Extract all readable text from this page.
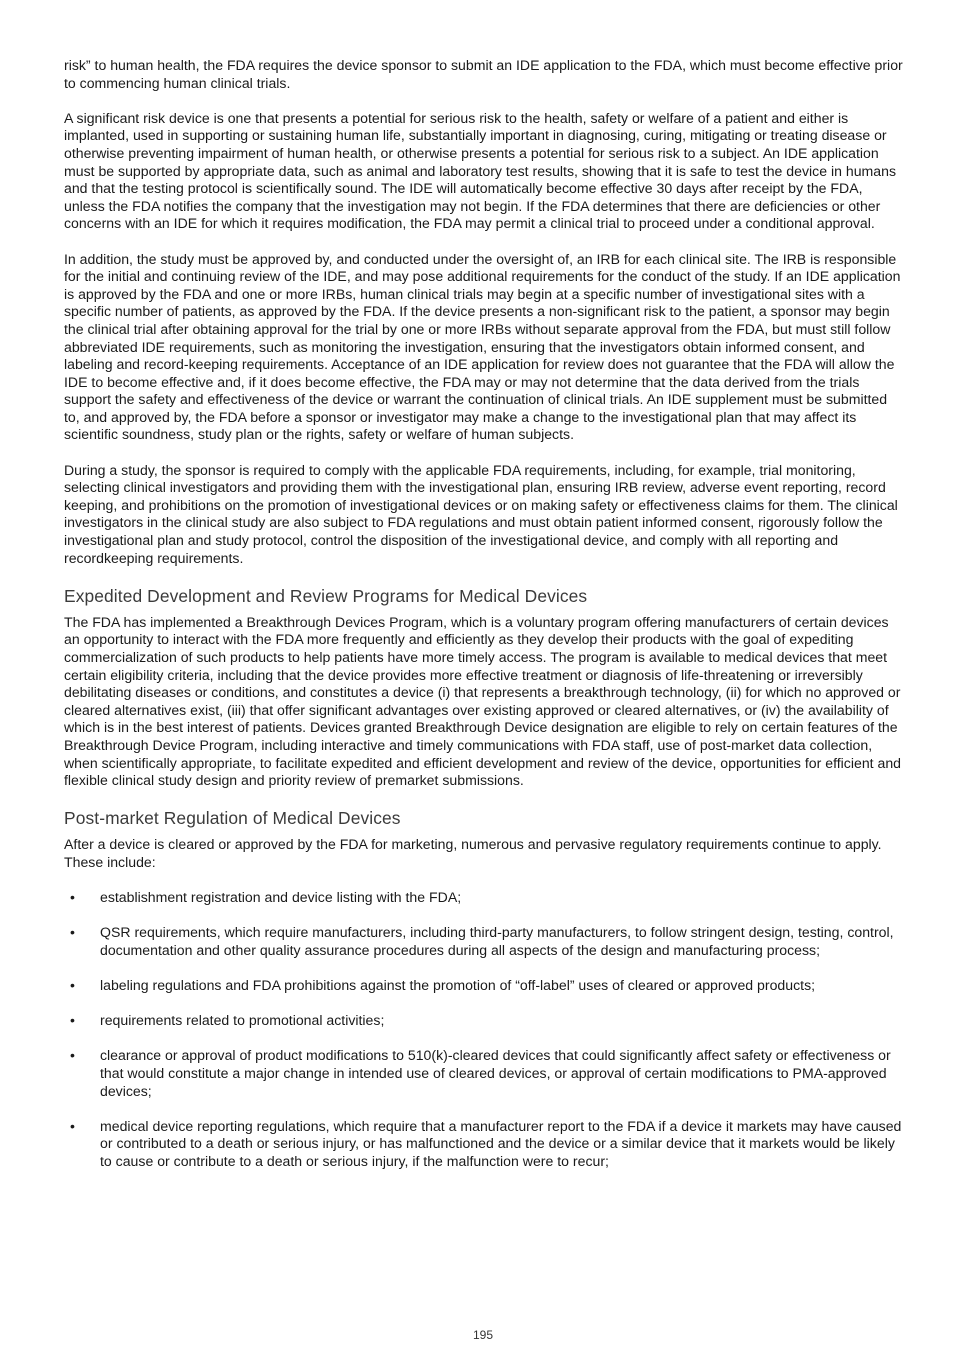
risk” to human health, the FDA requires the device sponsor to submit an IDE application to the FDA, which must become effective prior to commencing human clinical trials.

A significant risk device is one that presents a potential for serious risk to the health, safety or welfare of a patient and either is implanted, used in supporting or sustaining human life, substantially important in diagnosing, curing, mitigating or treating disease or otherwise preventing impairment of human health, or otherwise presents a potential for serious risk to a subject. An IDE application must be supported by appropriate data, such as animal and laboratory test results, showing that it is safe to test the device in humans and that the testing protocol is scientifically sound. The IDE will automatically become effective 30 days after receipt by the FDA, unless the FDA notifies the company that the investigation may not begin. If the FDA determines that there are deficiencies or other concerns with an IDE for which it requires modification, the FDA may permit a clinical trial to proceed under a conditional approval.

In addition, the study must be approved by, and conducted under the oversight of, an IRB for each clinical site. The IRB is responsible for the initial and continuing review of the IDE, and may pose additional requirements for the conduct of the study. If an IDE application is approved by the FDA and one or more IRBs, human clinical trials may begin at a specific number of investigational sites with a specific number of patients, as approved by the FDA. If the device presents a non-significant risk to the patient, a sponsor may begin the clinical trial after obtaining approval for the trial by one or more IRBs without separate approval from the FDA, but must still follow abbreviated IDE requirements, such as monitoring the investigation, ensuring that the investigators obtain informed consent, and labeling and record-keeping requirements. Acceptance of an IDE application for review does not guarantee that the FDA will allow the IDE to become effective and, if it does become effective, the FDA may or may not determine that the data derived from the trials support the safety and effectiveness of the device or warrant the continuation of clinical trials. An IDE supplement must be submitted to, and approved by, the FDA before a sponsor or investigator may make a change to the investigational plan that may affect its scientific soundness, study plan or the rights, safety or welfare of human subjects.

During a study, the sponsor is required to comply with the applicable FDA requirements, including, for example, trial monitoring, selecting clinical investigators and providing them with the investigational plan, ensuring IRB review, adverse event reporting, record keeping, and prohibitions on the promotion of investigational devices or on making safety or effectiveness claims for them. The clinical investigators in the clinical study are also subject to FDA regulations and must obtain patient informed consent, rigorously follow the investigational plan and study protocol, control the disposition of the investigational device, and comply with all reporting and recordkeeping requirements.

Expedited Development and Review Programs for Medical Devices

The FDA has implemented a Breakthrough Devices Program, which is a voluntary program offering manufacturers of certain devices an opportunity to interact with the FDA more frequently and efficiently as they develop their products with the goal of expediting commercialization of such products to help patients have more timely access. The program is available to medical devices that meet certain eligibility criteria, including that the device provides more effective treatment or diagnosis of life-threatening or irreversibly debilitating diseases or conditions, and constitutes a device (i) that represents a breakthrough technology, (ii) for which no approved or cleared alternatives exist, (iii) that offer significant advantages over existing approved or cleared alternatives, or (iv) the availability of which is in the best interest of patients. Devices granted Breakthrough Device designation are eligible to rely on certain features of the Breakthrough Device Program, including interactive and timely communications with FDA staff, use of post-market data collection, when scientifically appropriate, to facilitate expedited and efficient development and review of the device, opportunities for efficient and flexible clinical study design and priority review of premarket submissions.

Post-market Regulation of Medical Devices

After a device is cleared or approved by the FDA for marketing, numerous and pervasive regulatory requirements continue to apply. These include:

• establishment registration and device listing with the FDA;
• QSR requirements, which require manufacturers, including third-party manufacturers, to follow stringent design, testing, control, documentation and other quality assurance procedures during all aspects of the design and manufacturing process;
• labeling regulations and FDA prohibitions against the promotion of “off-label” uses of cleared or approved products;
• requirements related to promotional activities;
• clearance or approval of product modifications to 510(k)-cleared devices that could significantly affect safety or effectiveness or that would constitute a major change in intended use of cleared devices, or approval of certain modifications to PMA-approved devices;
• medical device reporting regulations, which require that a manufacturer report to the FDA if a device it markets may have caused or contributed to a death or serious injury, or has malfunctioned and the device or a similar device that it markets would be likely to cause or contribute to a death or serious injury, if the malfunction were to recur;
195
